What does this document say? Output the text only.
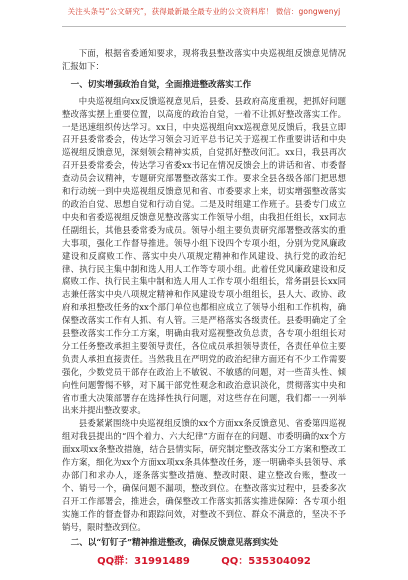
关注头条号“公文研究”，获得最新最全最专业的公文资料库！ 微信：gongwenyj

下面，根据省委通知要求，现将我县整改落实中央巡视组反馈意见情况汇报如下：

一、切实增强政治自觉，全面推进整改落实工作

中央巡视组向xx反馈巡视意见后，县委、县政府高度重视，把抓好问题整改落实摆上重要位置，以高度的政治自觉，一着不让抓好整改落实工作。一是迅速组织传达学习。xx日，中央巡视组向xx巡视意见反馈后，我县立即召开县委常委会，传达学习领会习近平总书记关于巡视工作重要讲话和中央巡视组反馈意见，深刻领会精神实质，自觉抓好整改问汇。xx日，我县再次召开县委常委会，传达学习省委xx书记在情况反馈会上的讲话和省、市委督查动员会议精神，专题研究部署整改落实工作。要求全县各级各部门把思想和行动统一到中央巡视组反馈意见和省、市委要求上来，切实增强整改落实的政治自觉、思想自觉和行动自觉。二是及时组建工作班子。县委专门成立中央和省委巡视组反馈意见整改落实工作领导小组，由我担任组长，xx同志任副组长，其他县委常委为成员。领导小组主要负责研究部署整改落实的重大事项，强化工作督导推进。领导小组下设四个专项小组，分别为党风廉政建设和反腐败工作、落实中央八项规定精神和作风建设、执行党的政治纪律、执行民主集中制和选人用人工作等专项小组。此着任党风廉政建设和反腐败工作、执行民主集中制和选人用人工作专项小组组长，常务副县长xx同志兼任落实中央八项规定精神和作风建设专项小组组长，县人大、政协、政府和承担整改任务的xx个部门单位也都相应成立了领导小组和工作机构，确保整改落实工作有人抓、有人管。三是严格落实各级责任。县委明确定了全县整改落实工作分工方案，明确由我对巡视整改负总责，各专项小组组长对分工任务整改承担主要领导责任，各位成员承担领导责任，各责任单位主要负责人承担直接责任。当然我且在严明党的政治纪律方面还有不少工作需要强化，少数党员干部存在政治上不敏锐、不敏感的问题，对一些苗头性、倾向性问题警惕不够，对下属干部党性观念和政治意识淡化，贯彻落实中央和省市重大决策部署存在选择性执行问题，对这些存在问题，我们都一一列举出来并提出整改要求。

县委紧紧围绕中央巡视组反馈的xx个方面xx条反馈意见、省委第四巡视组对我县提出的“四个着力、六大纪律”方面存在的问题、市委明确的xx个方面xx项xx条整改措施，结合县情实际，研究制定整改落实分工方案和整改工作方案，细化为xx个方面xx项xx条具体整改任务，逐一明确牵头县领导、承办部门和求办人，逐条落实整改措施、整改时限、建立整改台账，整改一个、销号一个，确保问题不漏项，整改到位。在整改落实过程中，县委多次召开工作部署会，推进会，确保整改工作落实抓落实推进保障：各专项小组实施工作的督查督办和跟踪问效，对整改不到位、群众不满意的，坚决不予销号，限时整改到位。

二、以“钉钉子”精神推进整改，确保反馈意见落到实处

QQ群：31991489	QQ：535304092
